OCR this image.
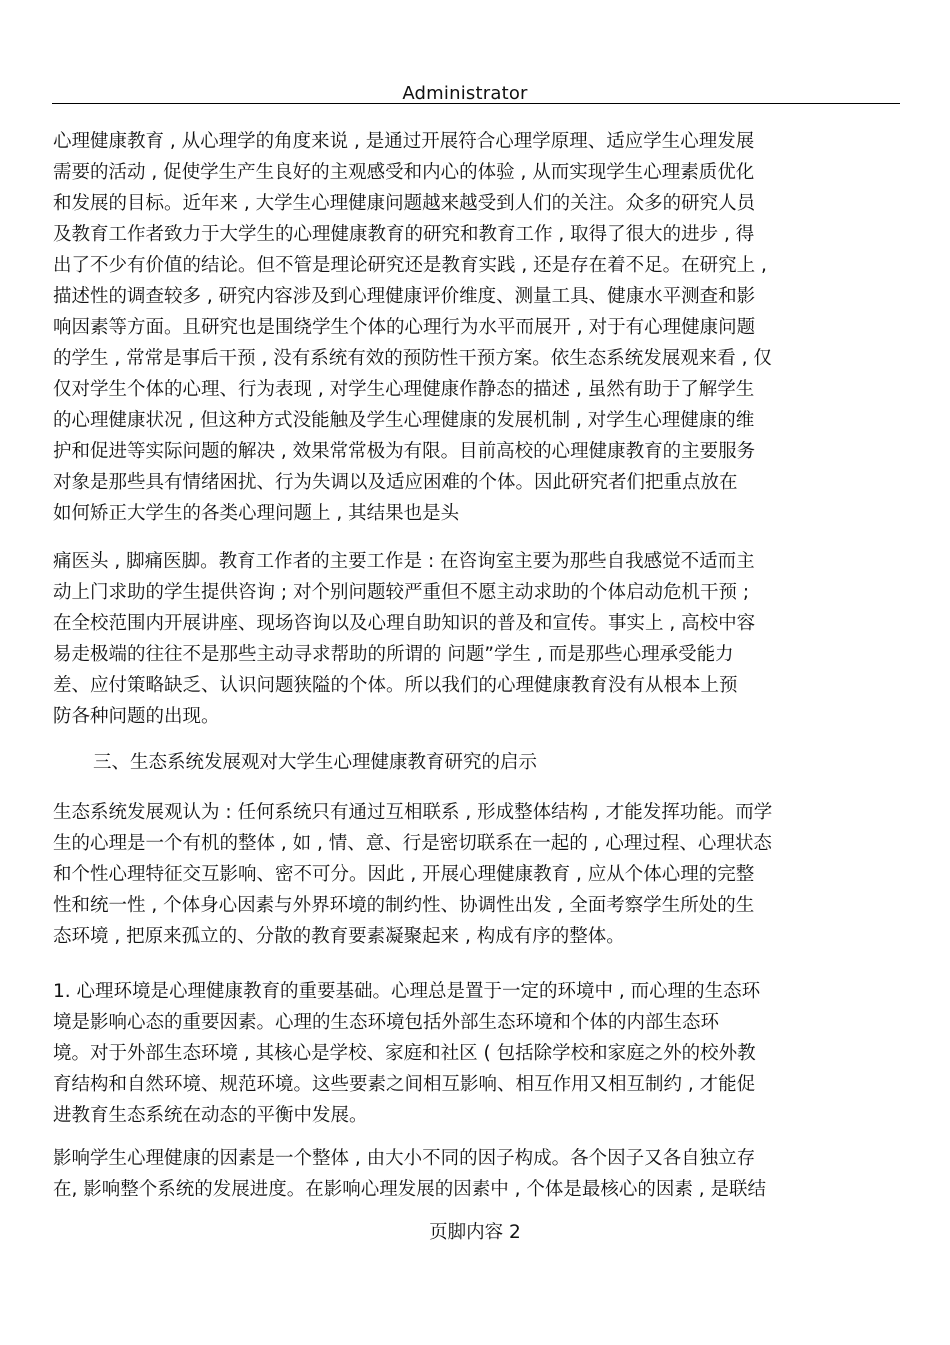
Administrator
心理健康教育 , 从心理学的角度来说 , 是通过开展符合心理学原理、适应学生心理发展
需要的活动 , 促使学生产生良好的主观感受和内心的体验 , 从而实现学生心理素质优化
和发展的目标。近年来 , 大学生心理健康问题越来越受到人们的关注。众多的研究人员
及教育工作者致力于大学生的心理健康教育的研究和教育工作 , 取得了很大的进步 , 得
出了不少有价值的结论。但不管是理论研究还是教育实践 , 还是存在着不足。在研究上 ,
描述性的调查较多 , 研究内容涉及到心理健康评价维度、测量工具、健康水平测查和影
响因素等方面。且研究也是围绕学生个体的心理行为水平而展开 , 对于有心理健康问题
的学生 , 常常是事后干预 , 没有系统有效的预防性干预方案。依生态系统发展观来看 , 仅
仅对学生个体的心理、行为表现 , 对学生心理健康作静态的描述 , 虽然有助于了解学生
的心理健康状况 , 但这种方式没能触及学生心理健康的发展机制 , 对学生心理健康的维
护和促进等实际问题的解决 , 效果常常极为有限。目前高校的心理健康教育的主要服务
对象是那些具有情绪困扰、行为失调以及适应困难的个体。因此研究者们把重点放在
如何矫正大学生的各类心理问题上 , 其结果也是头
痛医头 , 脚痛医脚。教育工作者的主要工作是 : 在咨询室主要为那些自我感觉不适而主
动上门求助的学生提供咨询 ; 对个别问题较严重但不愿主动求助的个体启动危机干预 ;
在全校范围内开展讲座、现场咨询以及心理自助知识的普及和宣传。事实上 , 高校中容
易走极端的往往不是那些主动寻求帮助的所谓的 问题”学生 , 而是那些心理承受能力
差、应付策略缺乏、认识问题狭隘的个体。所以我们的心理健康教育没有从根本上预
防各种问题的出现。
三、生态系统发展观对大学生心理健康教育研究的启示
生态系统发展观认为 : 任何系统只有通过互相联系 , 形成整体结构 , 才能发挥功能。而学
生的心理是一个有机的整体 , 如 , 情、意、行是密切联系在一起的 , 心理过程、心理状态
和个性心理特征交互影响、密不可分。因此 , 开展心理健康教育 , 应从个体心理的完整
性和统一性 , 个体身心因素与外界环境的制约性、协调性出发 , 全面考察学生所处的生
态环境 , 把原来孤立的、分散的教育要素凝聚起来 , 构成有序的整体。
1. 心理环境是心理健康教育的重要基础。心理总是置于一定的环境中 , 而心理的生态环
境是影响心态的重要因素。心理的生态环境包括外部生态环境和个体的内部生态环
境。对于外部生态环境 , 其核心是学校、家庭和社区 ( 包括除学校和家庭之外的校外教
育结构和自然环境、规范环境。这些要素之间相互影响、相互作用又相互制约 , 才能促
进教育生态系统在动态的平衡中发展。
影响学生心理健康的因素是一个整体 , 由大小不同的因子构成。各个因子又各自独立存
在, 影响整个系统的发展进度。在影响心理发展的因素中 , 个体是最核心的因素 , 是联结
页脚内容 2
